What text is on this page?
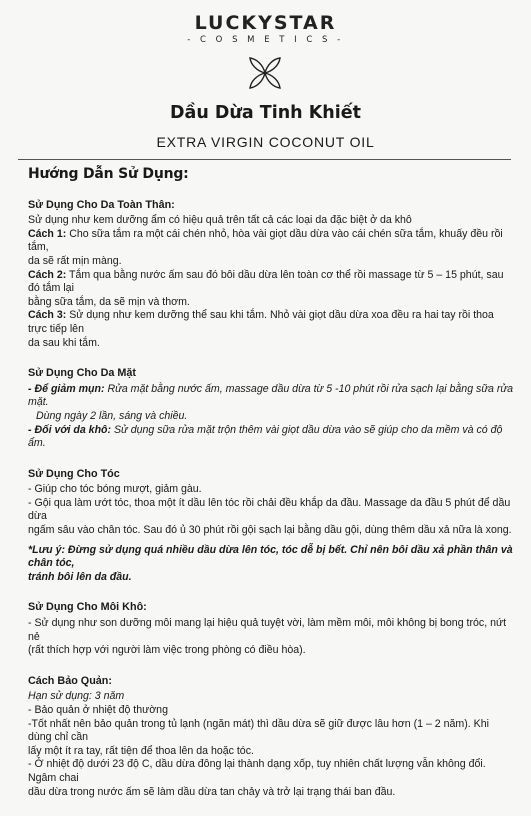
LUCKYSTAR
- C O S M E T I C S -
Dầu Dừa Tinh Khiết
EXTRA VIRGIN COCONUT OIL
Hướng Dẫn Sử Dụng:
Sử Dụng Cho Da Toàn Thân:
Sử dụng như kem dưỡng ẩm có hiệu quả trên tất cả các loại da đặc biệt ở da khô
Cách 1: Cho sữa tắm ra một cái chén nhỏ, hòa vài giọt dầu dừa vào cái chén sữa tắm, khuấy đều rồi tắm,
da sẽ rất mịn màng.
Cách 2: Tắm qua bằng nước ấm sau đó bôi dầu dừa lên toàn cơ thể rồi massage từ 5 – 15 phút, sau đó tắm lại
bằng sữa tắm, da sẽ mịn và thơm.
Cách 3: Sử dụng như kem dưỡng thể sau khi tắm. Nhỏ vài giọt dầu dừa xoa đều ra hai tay rồi thoa trực tiếp lên
da sau khi tắm.
Sử Dụng Cho Da Mặt
- Để giảm mụn: Rửa mặt bằng nước ấm, massage dầu dừa từ 5 -10 phút rồi rửa sạch lại bằng sữa rửa mặt.
Dùng ngày 2 lần, sáng và chiều.
- Đối với da khô: Sử dụng sữa rửa mặt trộn thêm vài giọt dầu dừa vào sẽ giúp cho da mềm và có độ ẩm.
Sử Dụng Cho Tóc
- Giúp cho tóc bóng mượt, giảm gàu.
- Gội qua làm ướt tóc, thoa một ít dầu lên tóc rồi chải đều khắp da đầu. Massage da đầu 5 phút để dầu dừa
ngấm sâu vào chân tóc. Sau đó ủ 30 phút rồi gội sạch lại bằng dầu gội, dùng thêm dầu xả nữa là xong.
*Lưu ý: Đừng sử dụng quá nhiều dầu dừa lên tóc, tóc dễ bị bết. Chỉ nên bôi dầu xả phần thân và chân tóc,
tránh bôi lên da đầu.
Sử Dụng Cho Môi Khô:
- Sử dụng như son dưỡng môi mang lại hiệu quả tuyệt vời, làm mềm môi, môi không bị bong tróc, nứt nẻ
(rất thích hợp với người làm việc trong phòng có điều hòa).
Cách Bảo Quản:
Hạn sử dụng: 3 năm
- Bảo quản ở nhiệt độ thường
-Tốt nhất nên bảo quản trong tủ lạnh (ngăn mát) thì dầu dừa sẽ giữ được lâu hơn (1 – 2 năm). Khi dùng chỉ cần
lấy một ít ra tay, rất tiện để thoa lên da hoặc tóc.
- Ở nhiệt độ dưới 23 độ C, dầu dừa đông lại thành dạng xốp, tuy nhiên chất lượng vẫn không đổi. Ngâm chai
dầu dừa trong nước ấm sẽ làm dầu dừa tan chảy và trở lại trạng thái ban đầu.
